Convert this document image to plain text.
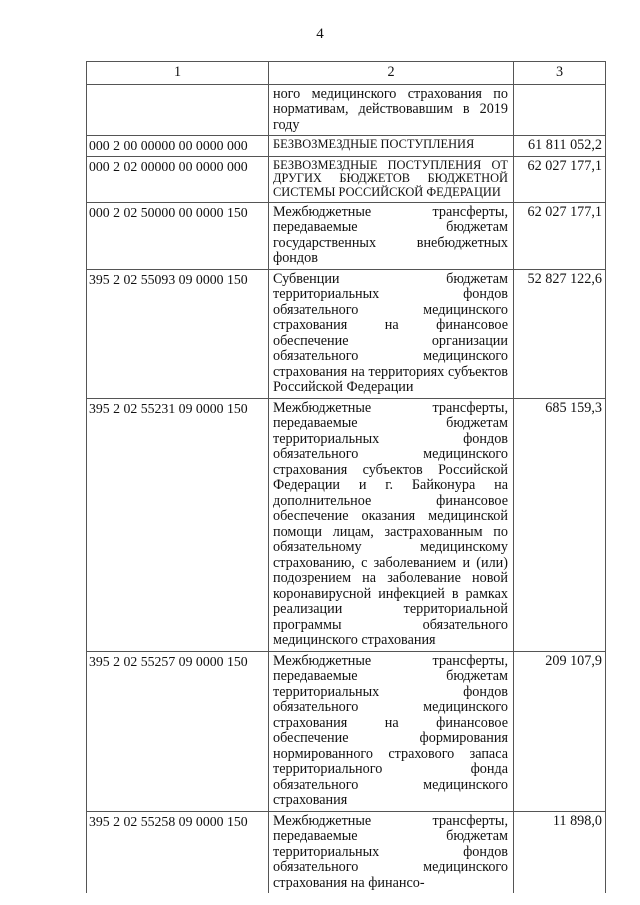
4
1	2	3
	ного медицинского страхования по нормативам, действовавшим в 2019 году	
000 2 00 00000 00 0000 000	БЕЗВОЗМЕЗДНЫЕ ПОСТУПЛЕНИЯ	61 811 052,2
000 2 02 00000 00 0000 000	БЕЗВОЗМЕЗДНЫЕ ПОСТУПЛЕНИЯ ОТ ДРУГИХ БЮДЖЕТОВ БЮДЖЕТНОЙ СИСТЕМЫ РОССИЙСКОЙ ФЕДЕРАЦИИ	62 027 177,1
000 2 02 50000 00 0000 150	Межбюджетные трансферты, передаваемые бюджетам государственных внебюджетных фондов	62 027 177,1
395 2 02 55093 09 0000 150	Субвенции бюджетам территориальных фондов обязательного медицинского страхования на финансовое обеспечение организации обязательного медицинского страхования на территориях субъектов Российской Федерации	52 827 122,6
395 2 02 55231 09 0000 150	Межбюджетные трансферты, передаваемые бюджетам территориальных фондов обязательного медицинского страхования субъектов Российской Федерации и г. Байконура на дополнительное финансовое обеспечение оказания медицинской помощи лицам, застрахованным по обязательному медицинскому страхованию, с заболеванием и (или) подозрением на заболевание новой коронавирусной инфекцией в рамках реализации территориальной программы обязательного медицинского страхования	685 159,3
395 2 02 55257 09 0000 150	Межбюджетные трансферты, передаваемые бюджетам территориальных фондов обязательного медицинского страхования на финансовое обеспечение формирования нормированного страхового запаса территориального фонда обязательного медицинского страхования	209 107,9
395 2 02 55258 09 0000 150	Межбюджетные трансферты, передаваемые бюджетам территориальных фондов обязательного медицинского страхования на финансо-	11 898,0
